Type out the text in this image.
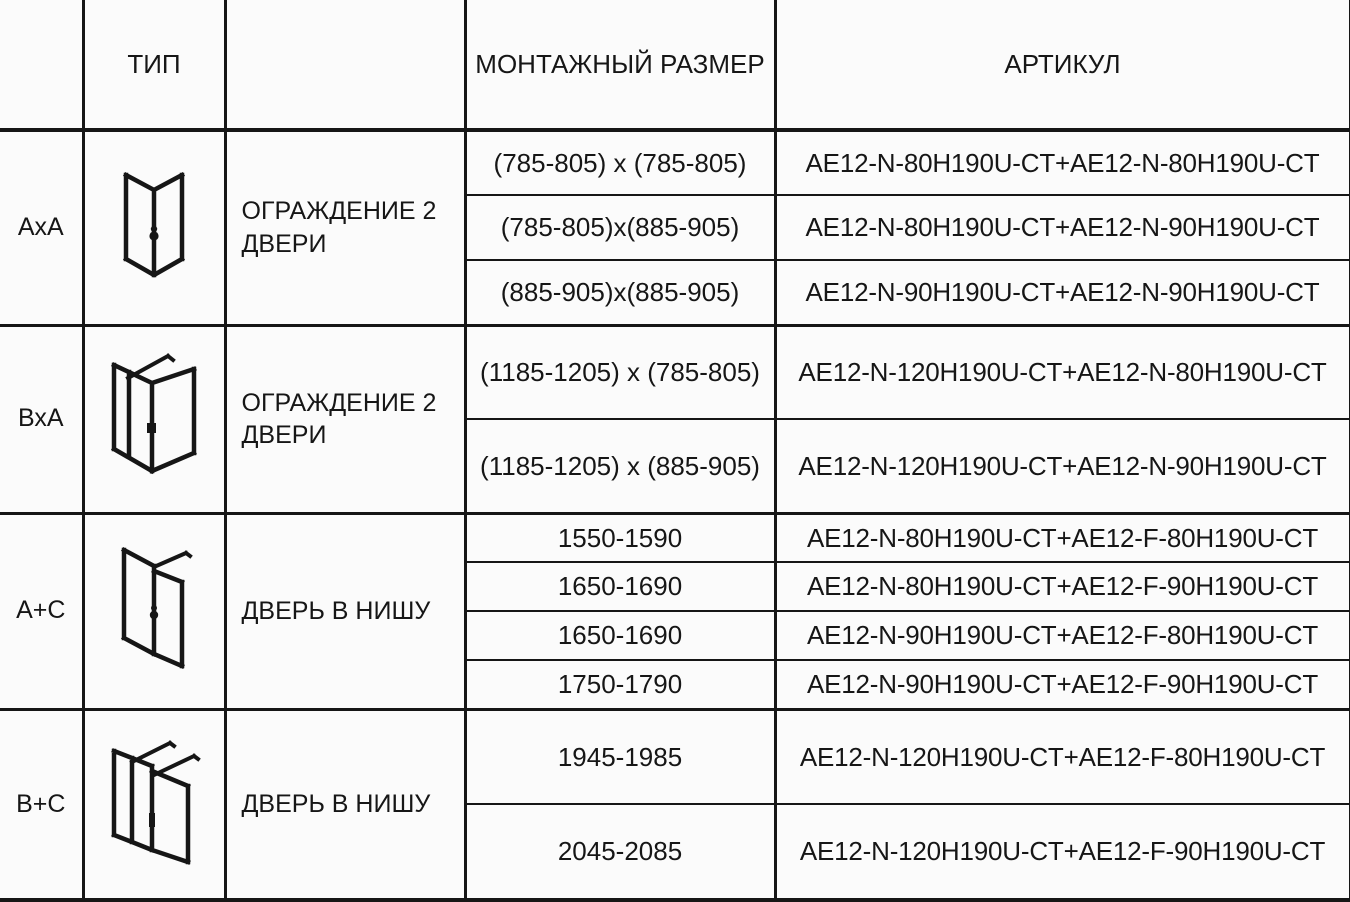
	ТИП		МОНТАЖНЫЙ РАЗМЕР	АРТИКУЛ
АхА		ОГРАЖДЕНИЕ 2 ДВЕРИ	(785-805) x (785-805)	AE12-N-80H190U-CT+AE12-N-80H190U-CT
			(785-805)x(885-905)	AE12-N-80H190U-CT+AE12-N-90H190U-CT
			(885-905)x(885-905)	AE12-N-90H190U-CT+AE12-N-90H190U-CT
ВхА		ОГРАЖДЕНИЕ 2 ДВЕРИ	(1185-1205) x (785-805)	AE12-N-120H190U-CT+AE12-N-80H190U-CT
			(1185-1205) x (885-905)	AE12-N-120H190U-CT+AE12-N-90H190U-CT
А+С		ДВЕРЬ В НИШУ	1550-1590	AE12-N-80H190U-CT+AE12-F-80H190U-CT
			1650-1690	AE12-N-80H190U-CT+AE12-F-90H190U-CT
			1650-1690	AE12-N-90H190U-CT+AE12-F-80H190U-CT
			1750-1790	AE12-N-90H190U-CT+AE12-F-90H190U-CT
В+С		ДВЕРЬ В НИШУ	1945-1985	AE12-N-120H190U-CT+AE12-F-80H190U-CT
			2045-2085	AE12-N-120H190U-CT+AE12-F-90H190U-CT
